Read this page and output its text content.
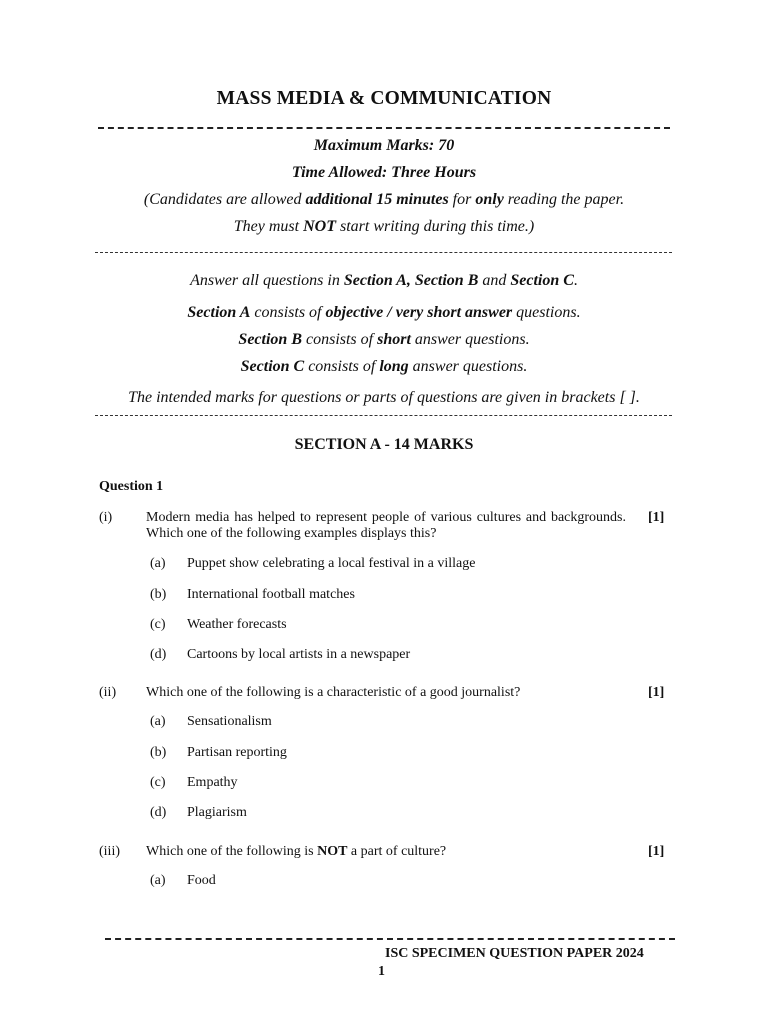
MASS MEDIA & COMMUNICATION
Maximum Marks: 70
Time Allowed: Three Hours
(Candidates are allowed additional 15 minutes for only reading the paper.
They must NOT start writing during this time.)
Answer all questions in Section A, Section B and Section C.
Section A consists of objective / very short answer questions.
Section B consists of short answer questions.
Section C consists of long answer questions.
The intended marks for questions or parts of questions are given in brackets [ ].
SECTION A - 14 MARKS
Question 1
(i) Modern media has helped to represent people of various cultures and backgrounds. Which one of the following examples displays this?
[1]
(a) Puppet show celebrating a local festival in a village
(b) International football matches
(c) Weather forecasts
(d) Cartoons by local artists in a newspaper
(ii) Which one of the following is a characteristic of a good journalist?	[1]
(a) Sensationalism
(b) Partisan reporting
(c) Empathy
(d) Plagiarism
(iii) Which one of the following is NOT a part of culture?	[1]
(a) Food
ISC SPECIMEN QUESTION PAPER 2024
1
